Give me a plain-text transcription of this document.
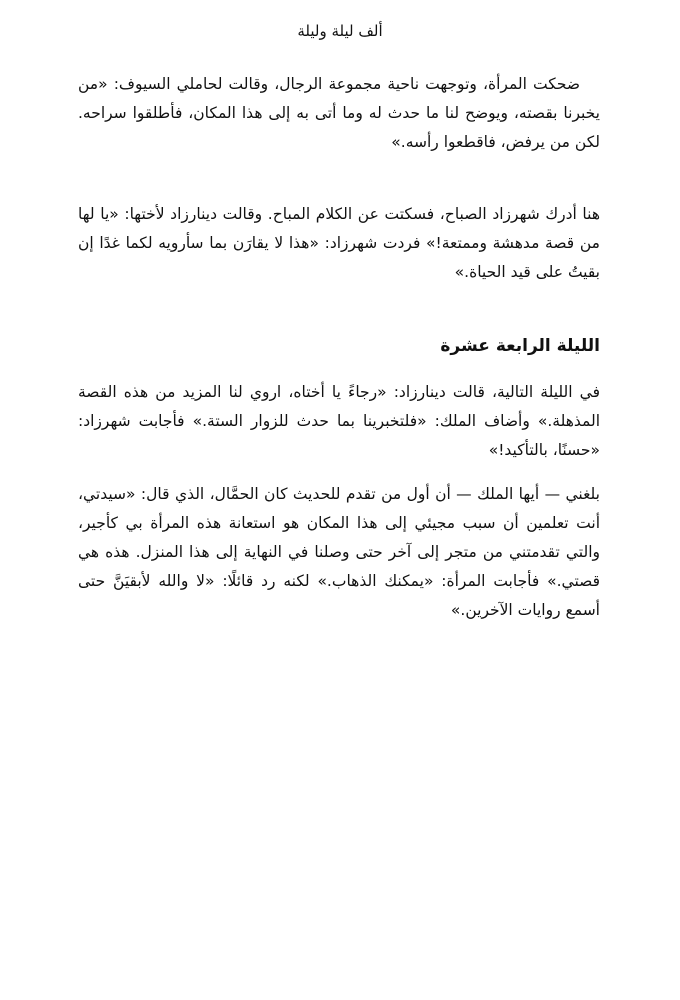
ألف ليلة وليلة

ضحكت المرأة، وتوجهت ناحية مجموعة الرجال، وقالت لحاملي السيوف: «من يخبرنا بقصته، ويوضح لنا ما حدث له وما أتى به إلى هذا المكان، فأطلقوا سراحه. لكن من يرفض، فاقطعوا رأسه.»

هنا أدرك شهرزاد الصباح، فسكتت عن الكلام المباح. وقالت دينارزاد لأختها: «يا لها من قصة مدهشة وممتعة!» فردت شهرزاد: «هذا لا يقارَن بما سأرويه لكما غدًا إن بقيتُ على قيد الحياة.»

الليلة الرابعة عشرة

في الليلة التالية، قالت دينارزاد: «رجاءً يا أختاه، اروي لنا المزيد من هذه القصة المذهلة.» وأضاف الملك: «فلتخبرينا بما حدث للزوار الستة.» فأجابت شهرزاد: «حسنًا، بالتأكيد!»

بلغني — أيها الملك — أن أول من تقدم للحديث كان الحمَّال، الذي قال: «سيدتي، أنت تعلمين أن سبب مجيئي إلى هذا المكان هو استعانة هذه المرأة بي كأجير، والتي تقدمتني من متجر إلى آخر حتى وصلنا في النهاية إلى هذا المنزل. هذه هي قصتي.» فأجابت المرأة: «يمكنك الذهاب.» لكنه رد قائلًا: «لا والله لأبقيَنَّ حتى أسمع روايات الآخرين.»
